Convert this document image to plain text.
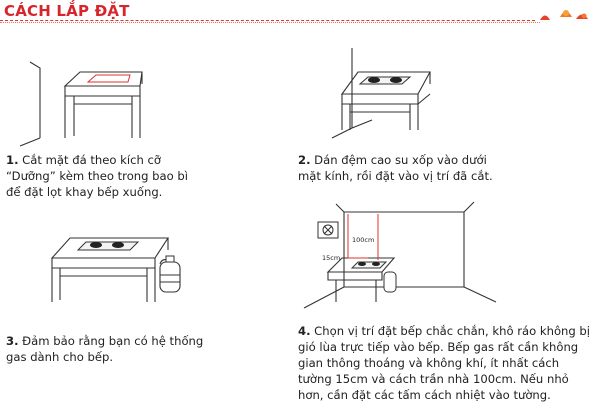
CÁCH LẮP ĐẶT
100cm
15cm
1. Cắt mặt đá theo kích cỡ “Dưỡng” kèm theo trong bao bì để đặt lọt khay bếp xuống.
2. Dán đệm cao su xốp vào dưới mặt kính, rồi đặt vào vị trí đã cắt.
3. Đảm bảo rằng bạn có hệ thống gas dành cho bếp.
4. Chọn vị trí đặt bếp chắc chắn, khô ráo không bị gió lùa trực tiếp vào bếp. Bếp gas rất cần không gian thông thoáng và không khí, ít nhất cách tường 15cm và cách trần nhà 100cm. Nếu nhỏ hơn, cần đặt các tấm cách nhiệt vào tường.
